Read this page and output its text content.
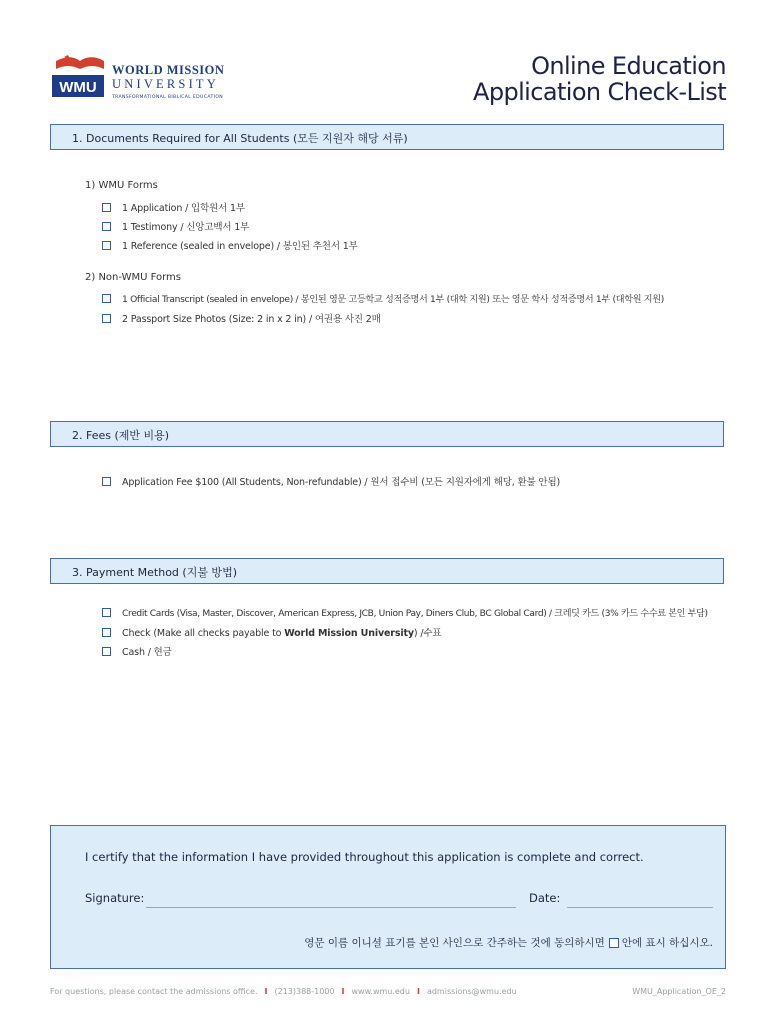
WMU
WORLD MISSION
UNIVERSITY
TRANSFORMATIONAL BIBLICAL EDUCATION
Online Education
Application Check-List
1. Documents Required for All Students (모든 지원자 해당 서류)
1) WMU Forms
1 Application / 입학원서 1부
1 Testimony / 신앙고백서 1부
1 Reference (sealed in envelope) / 봉인된 추천서 1부
2) Non-WMU Forms
1 Official Transcript (sealed in envelope) / 봉인된 영문 고등학교 성적증명서 1부 (대학 지원) 또는 영문 학사 성적증명서 1부 (대학원 지원)
2 Passport Size Photos (Size: 2 in x 2 in) / 여권용 사진 2매
2. Fees (제반 비용)
Application Fee $100 (All Students, Non-refundable) / 원서 접수비 (모든 지원자에게 해당, 환불 안됨)
3. Payment Method (지불 방법)
Credit Cards (Visa, Master, Discover, American Express, JCB, Union Pay, Diners Club, BC Global Card) / 크레딧 카드 (3% 카드 수수료 본인 부담)
Check (Make all checks payable to World Mission University) /수표
Cash / 현금
I certify that the information I have provided throughout this application is complete and correct.
Signature:	Date:
영문 이름 이니셜 표기를 본인 사인으로 간주하는 것에 동의하시면 안에 표시 하십시오.
For questions, please contact the admissions office. I (213)388-1000 I www.wmu.edu I admissions@wmu.edu	WMU_Application_OE_2
